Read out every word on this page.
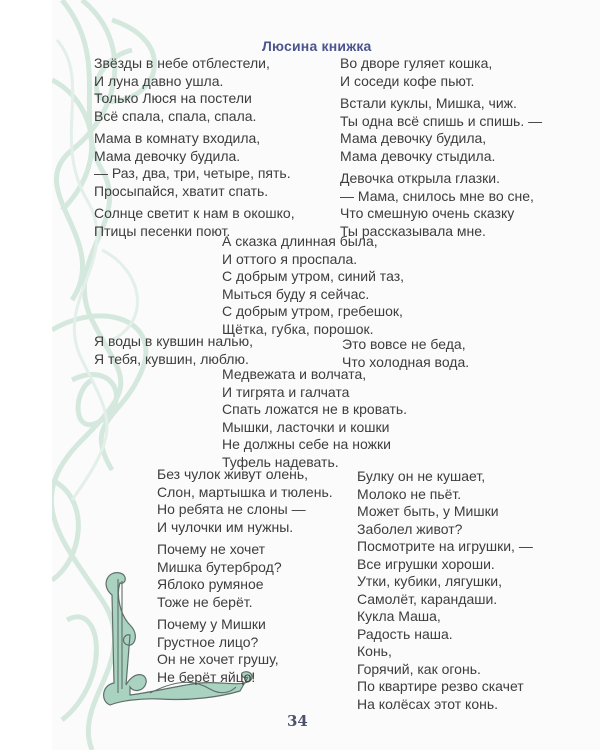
Люсина книжка
Звёзды в небе отблестели,
И луна давно ушла.
Только Люся на постели
Всё спала, спала, спала.
Мама в комнату входила,
Мама девочку будила.
— Раз, два, три, четыре, пять.
Просыпайся, хватит спать.
Солнце светит к нам в окошко,
Птицы песенки поют.
Во дворе гуляет кошка,
И соседи кофе пьют.
Встали куклы, Мишка, чиж.
Ты одна всё спишь и спишь. —
Мама девочку будила,
Мама девочку стыдила.
Девочка открыла глазки.
— Мама, снилось мне во сне,
Что смешную очень сказку
Ты рассказывала мне.
А сказка длинная была,
И оттого я проспала.
С добрым утром, синий таз,
Мыться буду я сейчас.
С добрым утром, гребешок,
Щётка, губка, порошок.
Я воды в кувшин налью,
Я тебя, кувшин, люблю.
Это вовсе не беда,
Что холодная вода.
Медвежата и волчата,
И тигрята и галчата
Спать ложатся не в кровать.
Мышки, ласточки и кошки
Не должны себе на ножки
Туфель надевать.
Без чулок живут олень,
Слон, мартышка и тюлень.
Но ребята не слоны —
И чулочки им нужны.
Почему не хочет
Мишка бутерброд?
Яблоко румяное
Тоже не берёт.
Почему у Мишки
Грустное лицо?
Он не хочет грушу,
Не берёт яйцо!
Булку он не кушает,
Молоко не пьёт.
Может быть, у Мишки
Заболел живот?
Посмотрите на игрушки, —
Все игрушки хороши.
Утки, кубики, лягушки,
Самолёт, карандаши.
Кукла Маша,
Радость наша.
Конь,
Горячий, как огонь.
По квартире резво скачет
На колёсах этот конь.
34
